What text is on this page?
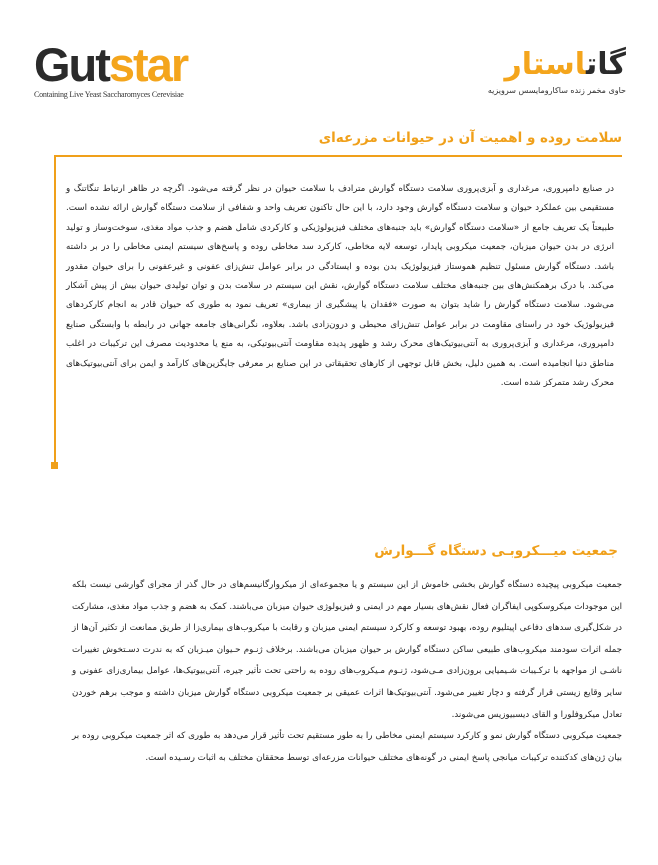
Gutstar
Containing Live Yeast Saccharomyces Cerevisiae
گاتاستار
حاوی مخمر زنده ساکارومایسس سرویزیه
سلامت روده و اهمیت آن در حیوانات مزرعه‌ای

در صنایع دامپروری، مرغداری و آبزی‌پروری سلامت دستگاه گوارش مترادف با سلامت حیوان در نظر گرفته می‌شود. اگرچه در ظاهر ارتباط تنگاتنگ و مستقیمی بین عملکرد حیوان و سلامت دستگاه گوارش وجود دارد، با این حال تاکنون تعریف واحد و شفافی از سلامت دستگاه گوارش ارائه نشده است. طبیعتاً یک تعریف جامع از «سلامت دستگاه گوارش» باید جنبه‌های مختلف فیزیولوژیکی و کارکردی شامل هضم و جذب مواد مغذی، سوخت‌وساز و تولید انرژی در بدن حیوان میزبان، جمعیت میکروبی پایدار، توسعه لایه مخاطی، کارکرد سد مخاطی روده و پاسخ‌های سیستم ایمنی مخاطی را در بر داشته باشد. دستگاه گوارش مسئول تنظیم هموستاز فیزیولوژیک بدن بوده و ایستادگی در برابر عوامل تنش‌زای عفونی و غیرعفونی را برای حیوان مقدور می‌کند. با درک برهمکنش‌های بین جنبه‌های مختلف سلامت دستگاه گوارش، نقش این سیستم در سلامت بدن و توان تولیدی حیوان بیش از پیش آشکار می‌شود. سلامت دستگاه گوارش را شاید بتوان به صورت «فقدان یا پیشگیری از بیماری» تعریف نمود به طوری که حیوان قادر به انجام کارکردهای فیزیولوژیک خود در راستای مقاومت در برابر عوامل تنش‌زای محیطی و درون‌زادی باشد. بعلاوه، نگرانی‌های جامعه جهانی در رابطه با وابستگی صنایع دامپروری، مرغداری و آبزی‌پروری به آنتی‌بیوتیک‌های محرک رشد و ظهور پدیده مقاومت آنتی‌بیوتیکی، به منع یا محدودیت مصرف این ترکیبات در اغلب مناطق دنیا انجامیده است. به همین دلیل، بخش قابل توجهی از کارهای تحقیقاتی در این صنایع بر معرفی جایگزین‌های کارآمد و ایمن برای آنتی‌بیوتیک‌های محرک رشد متمرکز شده است.

جمعیت میـــکروبـی دستگاه گـــوارش

جمعیت میکروبی پیچیده دستگاه گوارش بخشی خاموش از این سیستم و یا مجموعه‌ای از میکروارگانیسم‌های در حال گذر از مجرای گوارشی نیست بلکه این موجودات میکروسکوپی ایفاگران فعال نقش‌های بسیار مهم در ایمنی و فیزیولوژی حیوان میزبان می‌باشند. کمک به هضم و جذب مواد مغذی، مشارکت در شکل‌گیری سدهای دفاعی اپیتلیوم روده، بهبود توسعه و کارکرد سیستم ایمنی میزبان و رقابت با میکروب‌های بیماری‌زا از طریق ممانعت از تکثیر آن‌ها از جمله اثرات سودمند میکروب‌های طبیعی ساکن دستگاه گوارش بر حیوان میزبان می‌باشند. برخلاف ژنـوم حـیوان میـزبان که به ندرت دسـتخوش تغییرات ناشـی از مواجهه با ترکـیبات شـیمیایی برون‌زادی مـی‌شود، ژنـوم مـیکروب‌های روده به راحتی تحت تأثیر جیره، آنتی‌بیوتیک‌ها، عوامل بیماری‌زای عفونی و سایر وقایع زیستی قرار گرفته و دچار تغییر می‌شود. آنتی‌بیوتیک‌ها اثرات عمیقی بر جمعیت میکروبی دستگاه گوارش میزبان داشته و موجب برهم خوردن تعادل میکروفلورا و القای دیسبیوزیس می‌شوند.

جمعیت میکروبی دستگاه گوارش نمو و کارکرد سیستم ایمنی مخاطی را به طور مستقیم تحت تأثیر قرار می‌دهد به طوری که اثر جمعیت میکروبی روده بر بیان ژن‌های کدکننده ترکیبات میانجی پاسخ ایمنی در گونه‌های مختلف حیوانات مزرعه‌ای توسط محققان مختلف به اثبات رسـیده است.
